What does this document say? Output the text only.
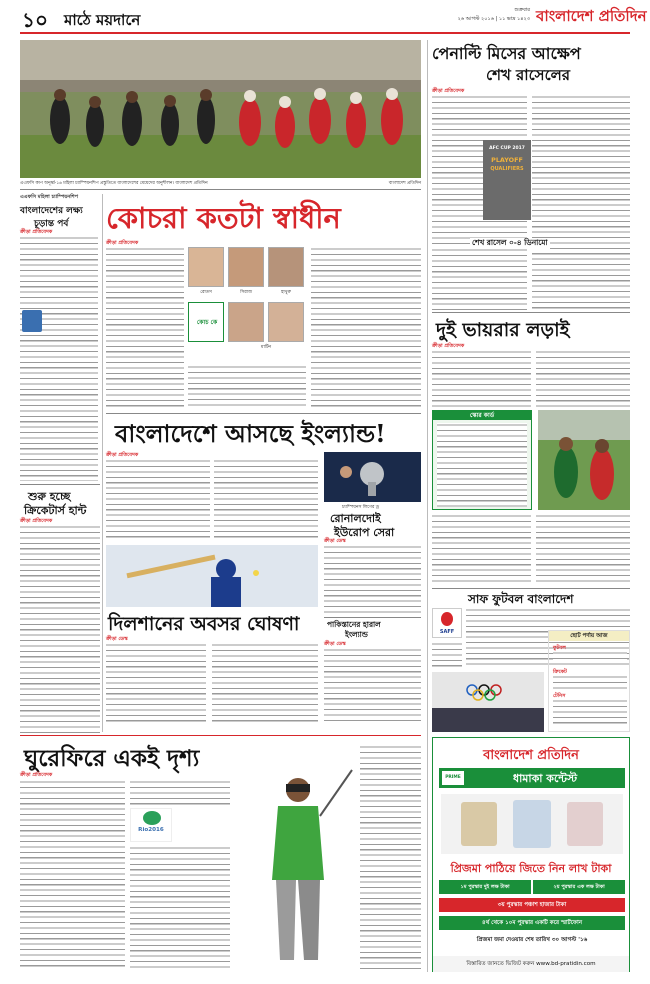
১০ মাঠে ময়দানে
শুক্রবার
২৬ আগস্ট ২০১৬ | ১১ ভাদ্র ১৪২৩ বাংলাদেশ প্রতিদিন
এএফসি কাপ অনূর্ধ্ব-১৬ মহিলা চ্যাম্পিয়নশিপ প্রস্তুতিতে বাংলাদেশের মেয়েদের অনুশীলন। বাংলাদেশ প্রতিদিন	বাংলাদেশ প্রতিদিন
পেনাল্টি মিসের আক্ষেপ
শেখ রাসেলের
ক্রীড়া প্রতিবেদক
AFC CUP 2017
PLAYOFF
QUALIFIERS
শেখ রাসেল ০-৪ ডিনামো
এএফসি মহিলা চ্যাম্পিয়নশিপ
বাংলাদেশের লক্ষ্য
চূড়ান্ত পর্ব
ক্রীড়া প্রতিবেদক কোচরা কতটা স্বাধীন
ক্রীড়া প্রতিবেদক
কোচ কে
রোডস	সিরাজ	হাথুরু
মার্টিন
দুই ভায়রার লড়াই
ক্রীড়া প্রতিবেদক
স্কোর কার্ড
বাংলাদেশে আসছে ইংল্যান্ড!
ক্রীড়া প্রতিবেদক
চ্যাম্পিয়নস লিগের ড্র
রোনালদোই
ইউরোপ সেরা
ক্রীড়া ডেস্ক
শুরু হচ্ছে
ক্রিকেটার্স হান্ট
ক্রীড়া প্রতিবেদক
দিলশানের অবসর ঘোষণা
ক্রীড়া ডেস্ক
পাকিস্তানের হারাল
ইংল্যান্ড
ক্রীড়া ডেস্ক
সাফ ফুটবল বাংলাদেশ
SAFF
ছোট পর্দায় আজ
ফুটবল
ক্রিকেট
টেনিস
ঘুরেফিরে একই দৃশ্য
ক্রীড়া প্রতিবেদক
Rio2016
বাংলাদেশ প্রতিদিন
PRIME	ধামাকা কন্টেস্ট
প্রিজমা পাঠিয়ে জিতে নিন লাখ টাকা
১ম পুরস্কার দুই লক্ষ টাকা	২য় পুরস্কার এক লক্ষ টাকা
৩য় পুরস্কার পঞ্চাশ হাজার টাকা
৪র্থ থেকে ১০ম পুরস্কার একটি করে স্মার্টফোন
প্রিজমা জমা দেওয়ার শেষ তারিখ ৩০ আগস্ট '১৬
বিস্তারিত জানতে ভিজিট করুন www.bd-pratidin.com
